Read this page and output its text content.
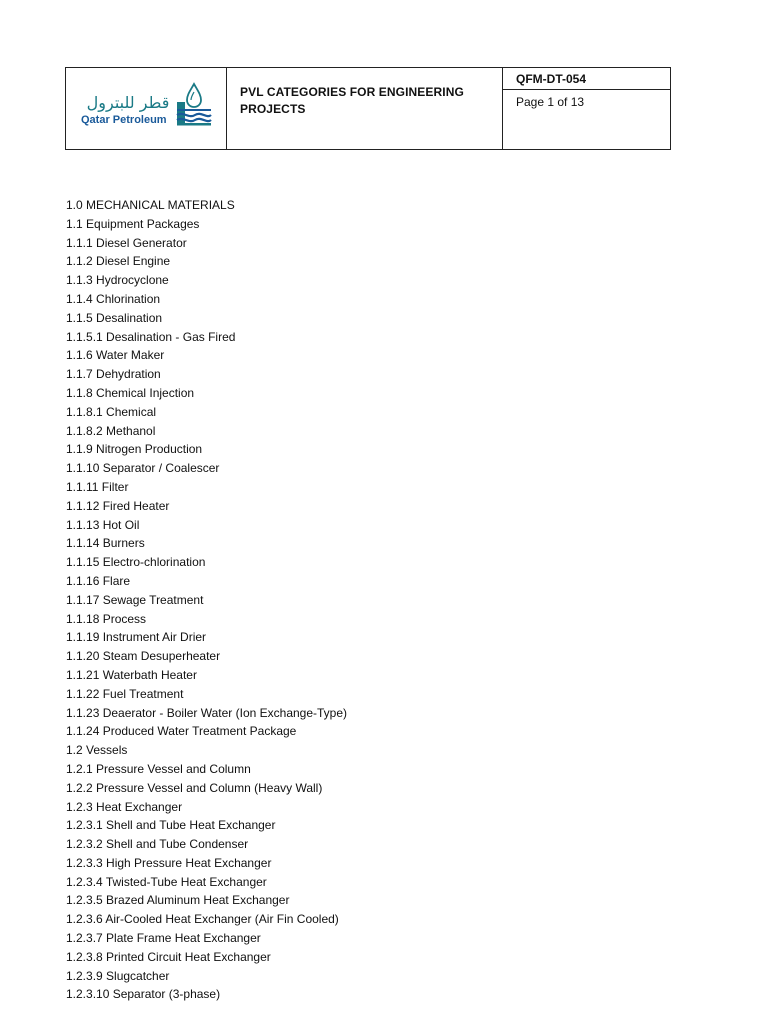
قطر للبترول
Qatar Petroleum
PVL CATEGORIES FOR ENGINEERING PROJECTS
QFM-DT-054
Page 1 of 13
1.0 MECHANICAL MATERIALS
1.1 Equipment Packages
1.1.1 Diesel Generator
1.1.2 Diesel Engine
1.1.3 Hydrocyclone
1.1.4 Chlorination
1.1.5 Desalination
1.1.5.1 Desalination - Gas Fired
1.1.6 Water Maker
1.1.7 Dehydration
1.1.8 Chemical Injection
1.1.8.1 Chemical
1.1.8.2 Methanol
1.1.9 Nitrogen Production
1.1.10 Separator / Coalescer
1.1.11 Filter
1.1.12 Fired Heater
1.1.13 Hot Oil
1.1.14 Burners
1.1.15 Electro-chlorination
1.1.16 Flare
1.1.17 Sewage Treatment
1.1.18 Process
1.1.19 Instrument Air Drier
1.1.20 Steam Desuperheater
1.1.21 Waterbath Heater
1.1.22 Fuel Treatment
1.1.23 Deaerator - Boiler Water (Ion Exchange-Type)
1.1.24 Produced Water Treatment Package
1.2 Vessels
1.2.1 Pressure Vessel and Column
1.2.2 Pressure Vessel and Column (Heavy Wall)
1.2.3 Heat Exchanger
1.2.3.1 Shell and Tube Heat Exchanger
1.2.3.2 Shell and Tube Condenser
1.2.3.3 High Pressure Heat Exchanger
1.2.3.4 Twisted-Tube Heat Exchanger
1.2.3.5 Brazed Aluminum Heat Exchanger
1.2.3.6 Air-Cooled Heat Exchanger (Air Fin Cooled)
1.2.3.7 Plate Frame Heat Exchanger
1.2.3.8 Printed Circuit Heat Exchanger
1.2.3.9 Slugcatcher
1.2.3.10 Separator (3-phase)
